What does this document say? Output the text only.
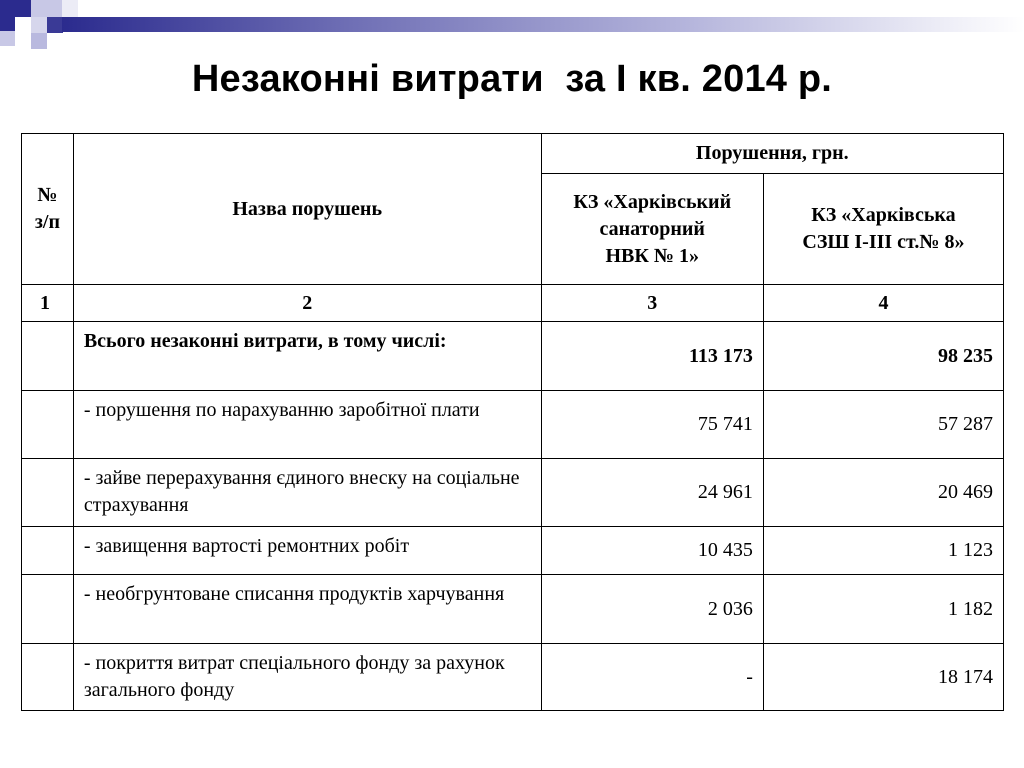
Незаконні витрати  за I кв. 2014 р.
№
з/п	Назва порушень	Порушення, грн.	
		КЗ «Харківський
санаторний
НВК № 1»	КЗ «Харківська
СЗШ І-ІІІ ст.№ 8»
1	2	3	4
	Всього незаконні витрати, в тому числі:	113 173	98 235
	- порушення по нарахуванню заробітної плати	75 741	57 287
	- зайве перерахування єдиного внеску на соціальне страхування	24 961	20 469
	- завищення вартості ремонтних робіт	10 435	1 123
	- необгрунтоване списання продуктів харчування	2 036	1 182
	- покриття витрат спеціального фонду за рахунок загального фонду	-	18 174
